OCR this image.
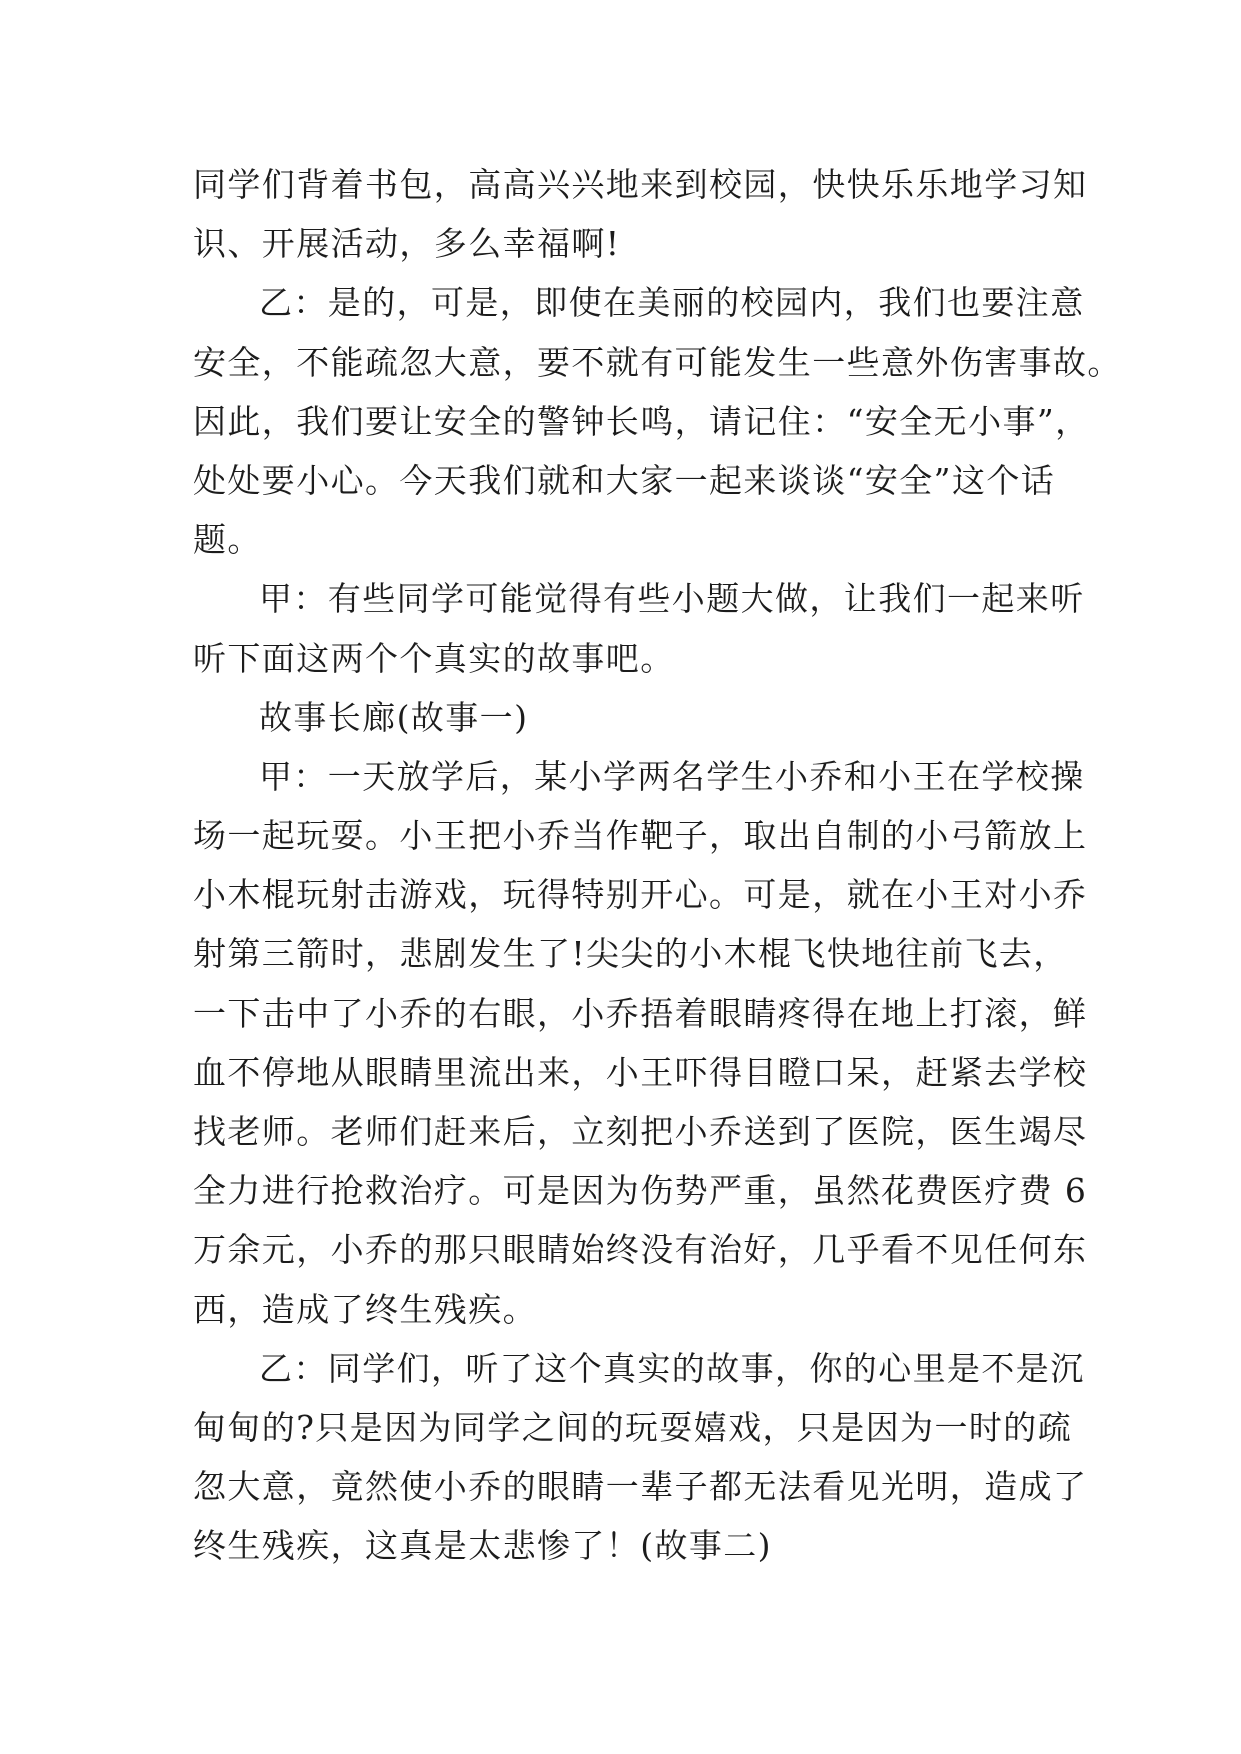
同学们背着书包，高高兴兴地来到校园，快快乐乐地学习知
识、开展活动，多么幸福啊!
乙：是的，可是，即使在美丽的校园内，我们也要注意
安全，不能疏忽大意，要不就有可能发生一些意外伤害事故。
因此，我们要让安全的警钟长鸣，请记住：“安全无小事”，
处处要小心。今天我们就和大家一起来谈谈“安全”这个话
题。
甲：有些同学可能觉得有些小题大做，让我们一起来听
听下面这两个个真实的故事吧。
故事长廊(故事一)
甲：一天放学后，某小学两名学生小乔和小王在学校操
场一起玩耍。小王把小乔当作靶子，取出自制的小弓箭放上
小木棍玩射击游戏，玩得特别开心。可是，就在小王对小乔
射第三箭时，悲剧发生了!尖尖的小木棍飞快地往前飞去，
一下击中了小乔的右眼，小乔捂着眼睛疼得在地上打滚，鲜
血不停地从眼睛里流出来，小王吓得目瞪口呆，赶紧去学校
找老师。老师们赶来后，立刻把小乔送到了医院，医生竭尽
全力进行抢救治疗。可是因为伤势严重，虽然花费医疗费 6
万余元，小乔的那只眼睛始终没有治好，几乎看不见任何东
西，造成了终生残疾。
乙：同学们，听了这个真实的故事，你的心里是不是沉
甸甸的?只是因为同学之间的玩耍嬉戏，只是因为一时的疏
忽大意，竟然使小乔的眼睛一辈子都无法看见光明，造成了
终生残疾，这真是太悲惨了！(故事二)
